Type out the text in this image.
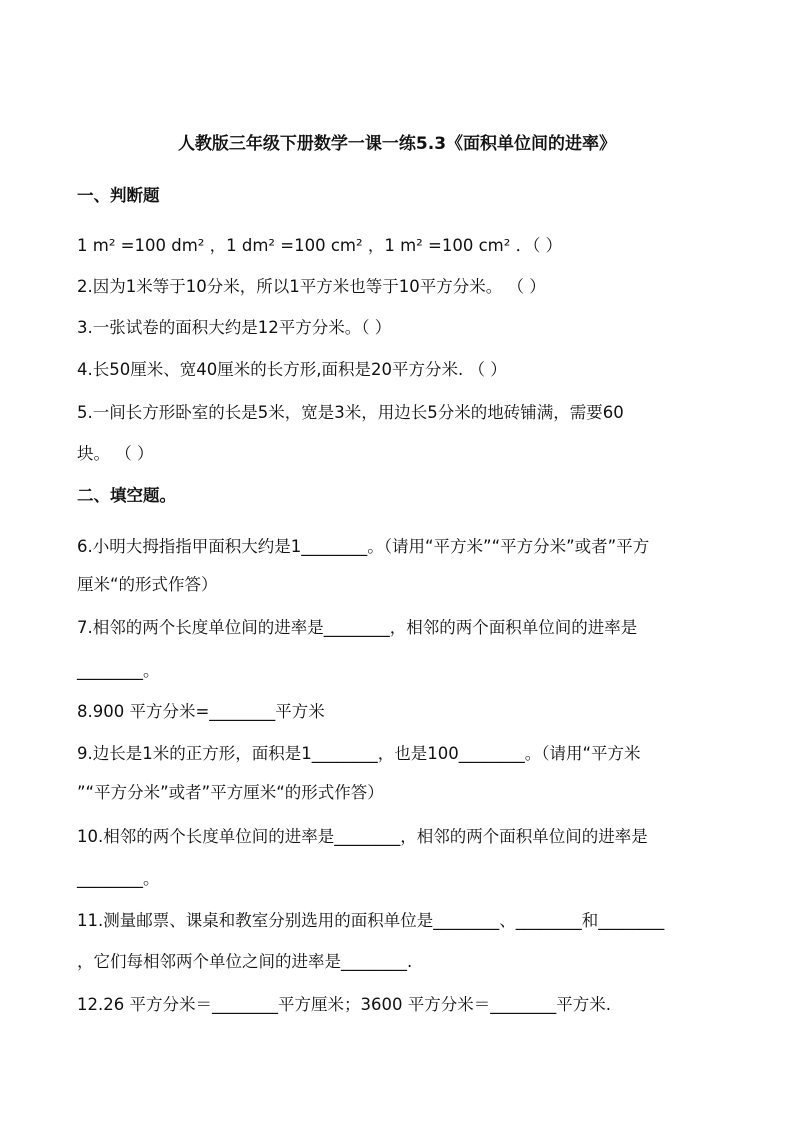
人教版三年级下册数学一课一练5.3《面积单位间的进率》
一、判断题
1 m² =100 dm² ，1 dm² =100 cm² ，1 m² =100 cm² ．（ ）
2.因为1米等于10分米，所以1平方米也等于10平方分米。 （ ）
3.一张试卷的面积大约是12平方分米。（ ）
4.长50厘米、宽40厘米的长方形,面积是20平方分米. （ ）
5.一间长方形卧室的长是5米，宽是3米，用边长5分米的地砖铺满，需要60
块。 （ ）
二、填空题。
6.小明大拇指指甲面积大约是1________。（请用“平方米”“平方分米”或者”平方
厘米“的形式作答）
7.相邻的两个长度单位间的进率是________，相邻的两个面积单位间的进率是
________。
8.900 平方分米=________平方米
9.边长是1米的正方形，面积是1________，也是100________。（请用“平方米
”“平方分米”或者”平方厘米“的形式作答）
10.相邻的两个长度单位间的进率是________，相邻的两个面积单位间的进率是
________。
11.测量邮票、课桌和教室分别选用的面积单位是________、________和________
，它们每相邻两个单位之间的进率是________.
12.26 平方分米＝________平方厘米；3600 平方分米＝________平方米.
